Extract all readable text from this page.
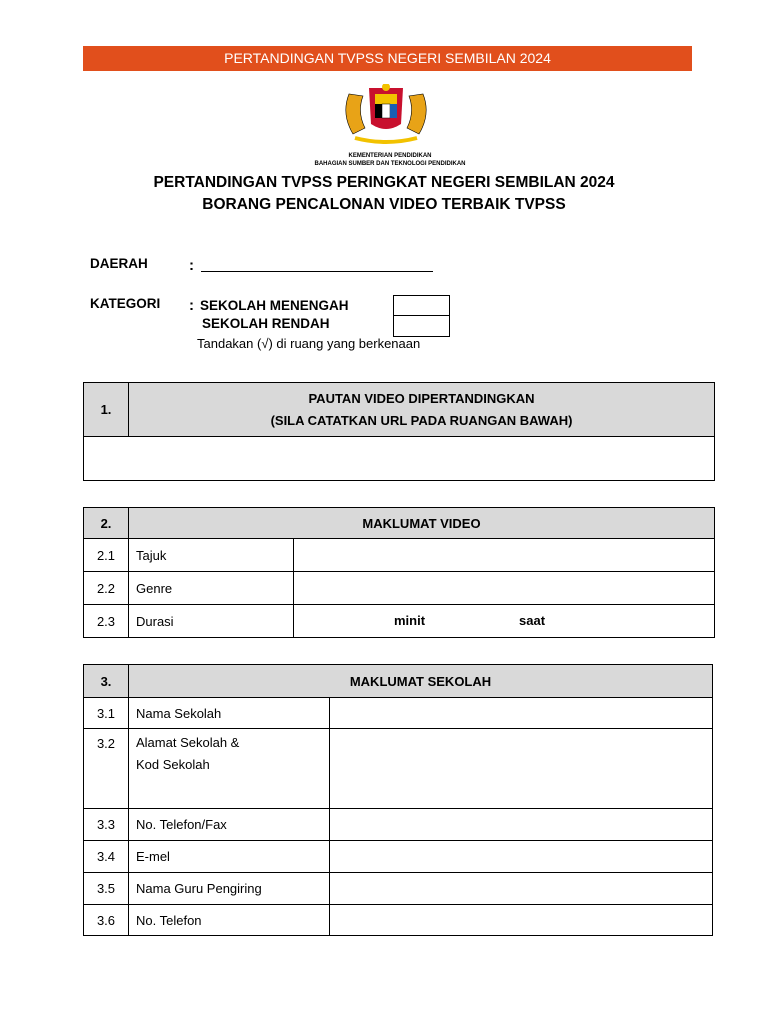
PERTANDINGAN TVPSS NEGERI SEMBILAN 2024
KEMENTERIAN PENDIDIKAN
BAHAGIAN SUMBER DAN TEKNOLOGI PENDIDIKAN
PERTANDINGAN TVPSS PERINGKAT NEGERI SEMBILAN 2024
BORANG PENCALONAN VIDEO TERBAIK TVPSS
DAERAH	:
KATEGORI : SEKOLAH MENENGAH
SEKOLAH RENDAH
Tandakan (√) di ruang yang berkenaan
1.	
PAUTAN VIDEO DIPERTANDINGKAN
(SILA CATATKAN URL PADA RUANGAN BAWAH)

2.	MAKLUMAT VIDEO	
2.1	Tajuk	
2.2	Genre	
2.3	Durasi	minit saat
3.	MAKLUMAT SEKOLAH	
3.1	Nama Sekolah	
3.2	Alamat Sekolah &
Kod Sekolah	

3.3	No. Telefon/Fax	
3.4	E-mel	
3.5	Nama Guru Pengiring	
3.6	No. Telefon	
